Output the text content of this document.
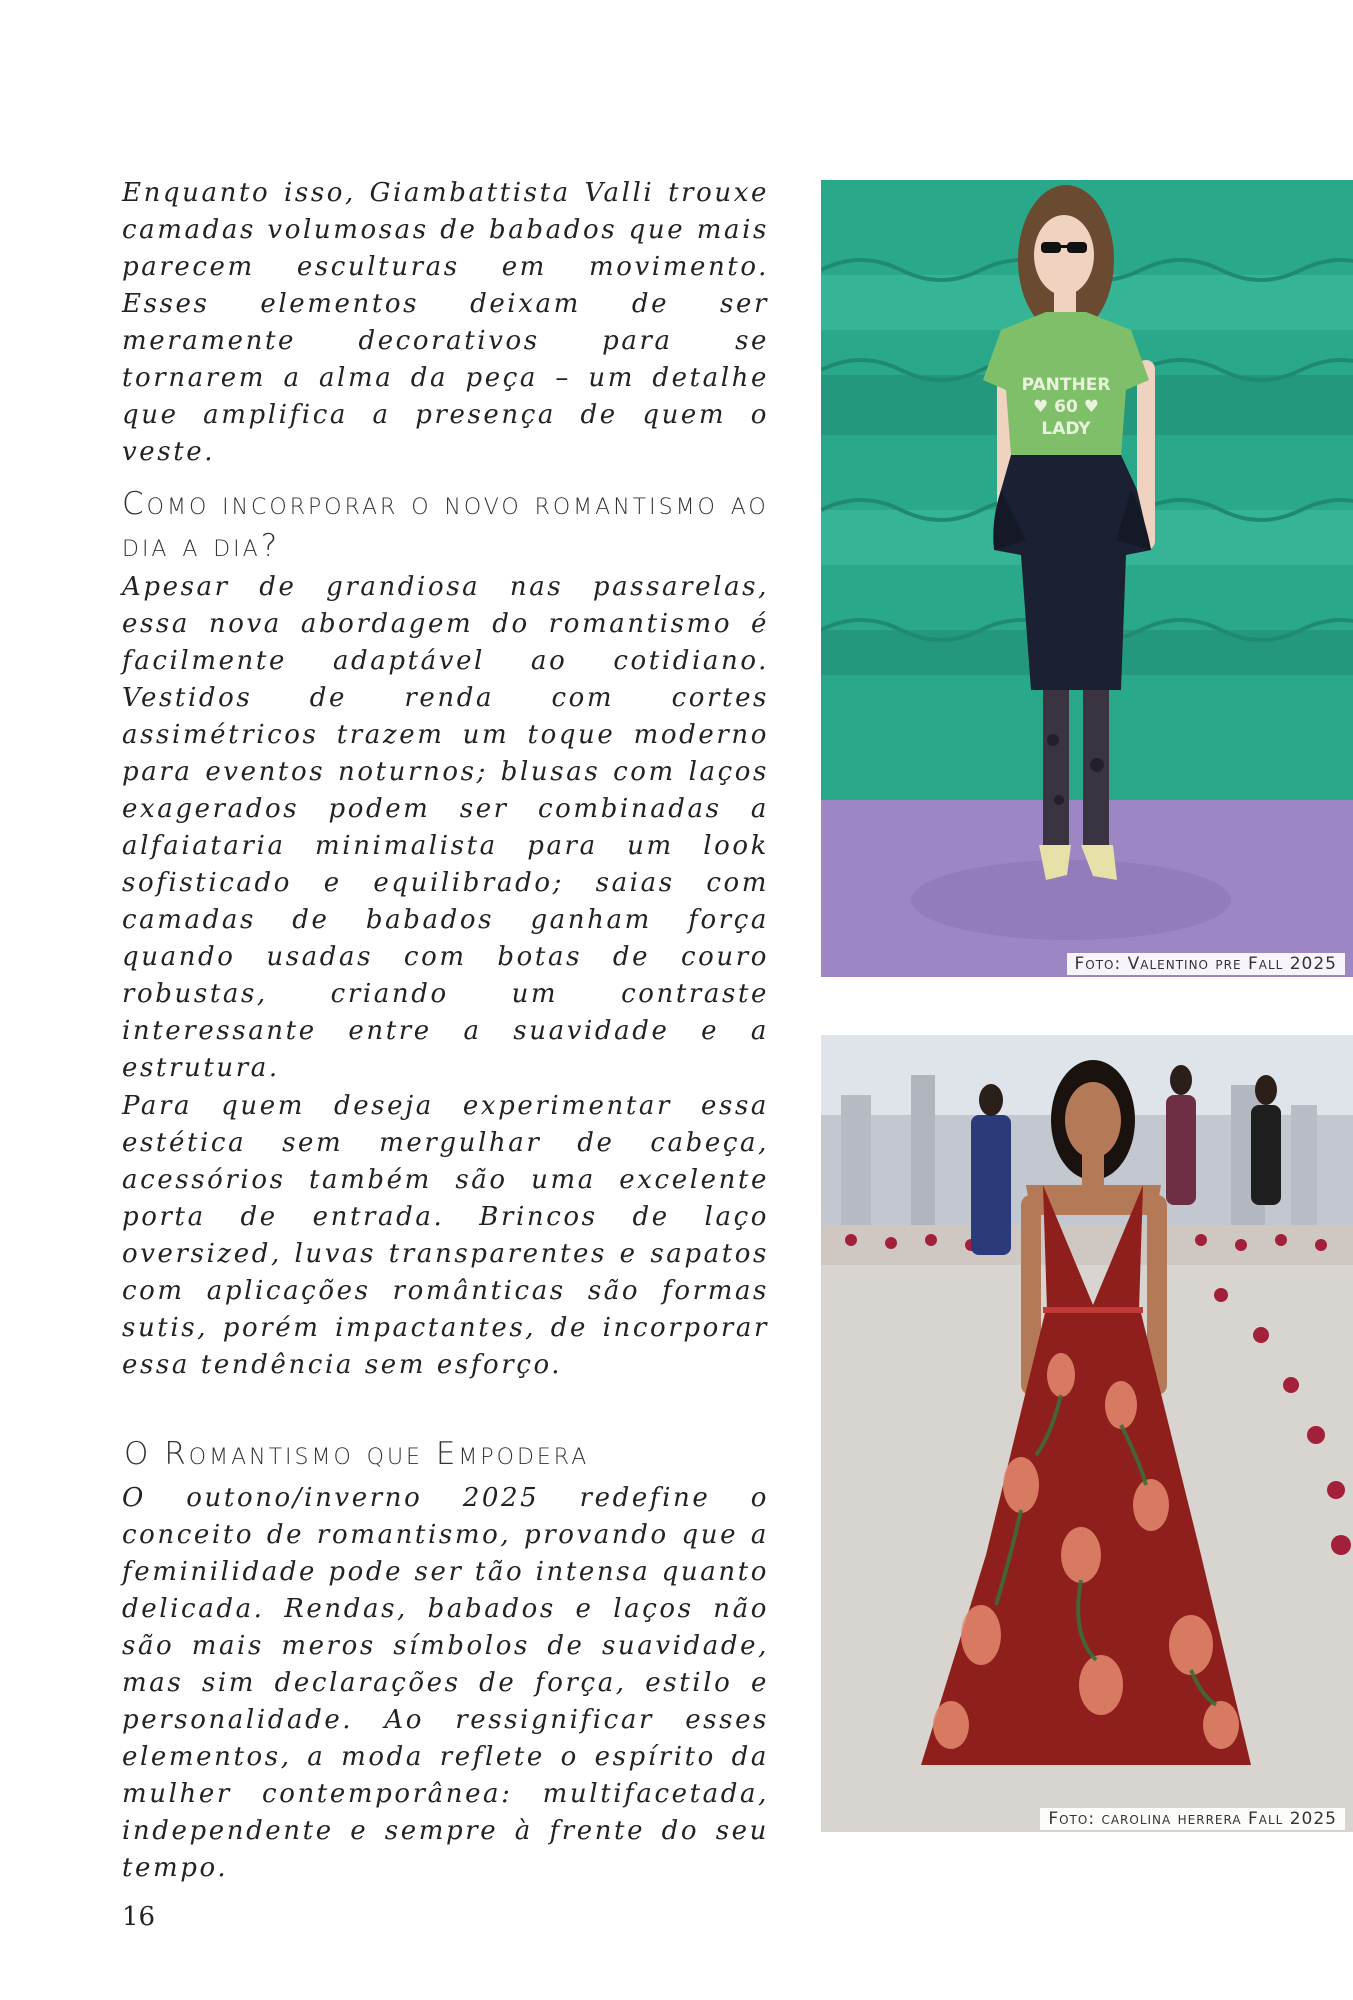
Enquanto isso, Giambattista Valli trouxe camadas volumosas de babados que mais parecem esculturas em movimento. Esses elementos deixam de ser meramente decorativos para se tornarem a alma da peça – um detalhe que amplifica a presença de quem o veste.

Como incorporar o novo romantismo ao dia a dia?

Apesar de grandiosa nas passarelas, essa nova abordagem do romantismo é facilmente adaptável ao cotidiano. Vestidos de renda com cortes assimétricos trazem um toque moderno para eventos noturnos; blusas com laços exagerados podem ser combinadas a alfaiataria minimalista para um look sofisticado e equilibrado; saias com camadas de babados ganham força quando usadas com botas de couro robustas, criando um contraste interessante entre a suavidade e a estrutura.

Para quem deseja experimentar essa estética sem mergulhar de cabeça, acessórios também são uma excelente porta de entrada. Brincos de laço oversized, luvas transparentes e sapatos com aplicações românticas são formas sutis, porém impactantes, de incorporar essa tendência sem esforço.

O Romantismo que Empodera

O outono/inverno 2025 redefine o conceito de romantismo, provando que a feminilidade pode ser tão intensa quanto delicada. Rendas, babados e laços não são mais meros símbolos de suavidade, mas sim declarações de força, estilo e personalidade. Ao ressignificar esses elementos, a moda reflete o espírito da mulher contemporânea: multifacetada, independente e sempre à frente do seu tempo.

PANTHER
♥ 60 ♥
LADY
Foto: Valentino pre Fall 2025
Foto: carolina herrera Fall 2025
16
